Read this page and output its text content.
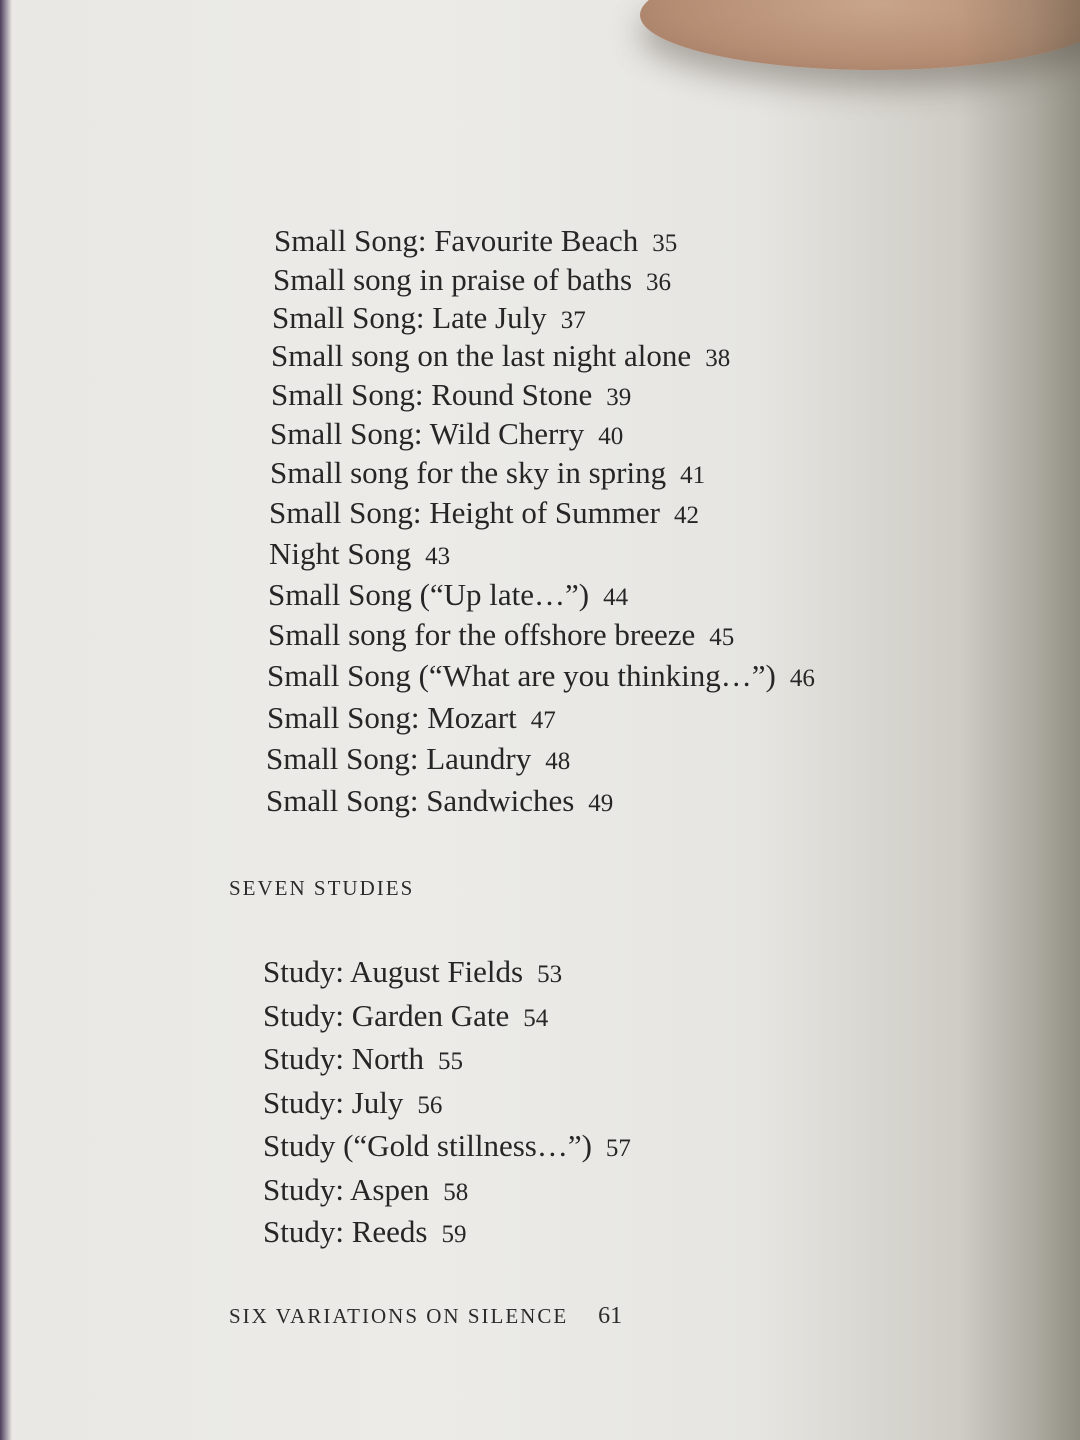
Small Song: Favourite Beach 35
Small song in praise of baths 36
Small Song: Late July 37
Small song on the last night alone 38
Small Song: Round Stone 39
Small Song: Wild Cherry 40
Small song for the sky in spring 41
Small Song: Height of Summer 42
Night Song 43
Small Song (“Up late…”) 44
Small song for the offshore breeze 45
Small Song (“What are you thinking…”) 46
Small Song: Mozart 47
Small Song: Laundry 48
Small Song: Sandwiches 49
SEVEN STUDIES
Study: August Fields 53
Study: Garden Gate 54
Study: North 55
Study: July 56
Study (“Gold stillness…”) 57
Study: Aspen 58
Study: Reeds 59
SIX VARIATIONS ON SILENCE 61
